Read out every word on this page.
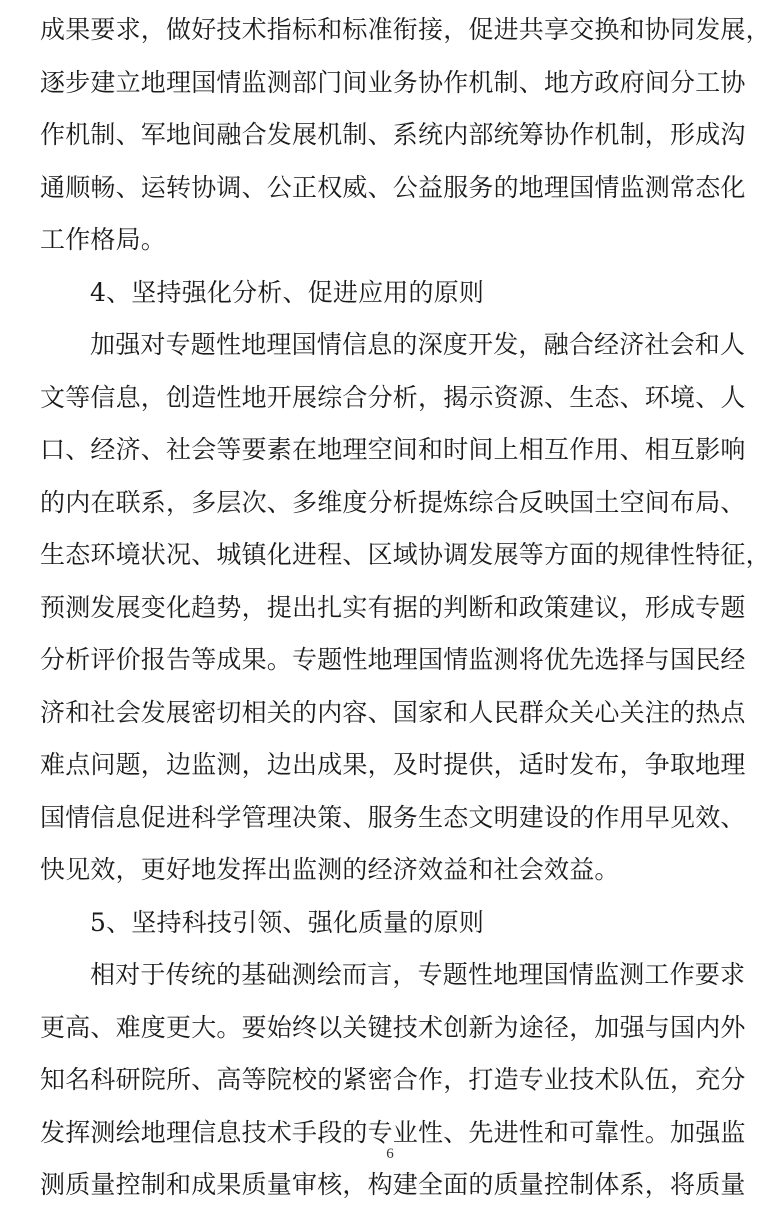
成果要求，做好技术指标和标准衔接，促进共享交换和协同发展，
逐步建立地理国情监测部门间业务协作机制、地方政府间分工协
作机制、军地间融合发展机制、系统内部统筹协作机制，形成沟
通顺畅、运转协调、公正权威、公益服务的地理国情监测常态化
工作格局。
4、坚持强化分析、促进应用的原则
加强对专题性地理国情信息的深度开发，融合经济社会和人
文等信息，创造性地开展综合分析，揭示资源、生态、环境、人
口、经济、社会等要素在地理空间和时间上相互作用、相互影响
的内在联系，多层次、多维度分析提炼综合反映国土空间布局、
生态环境状况、城镇化进程、区域协调发展等方面的规律性特征，
预测发展变化趋势，提出扎实有据的判断和政策建议，形成专题
分析评价报告等成果。专题性地理国情监测将优先选择与国民经
济和社会发展密切相关的内容、国家和人民群众关心关注的热点
难点问题，边监测，边出成果，及时提供，适时发布，争取地理
国情信息促进科学管理决策、服务生态文明建设的作用早见效、
快见效，更好地发挥出监测的经济效益和社会效益。
5、坚持科技引领、强化质量的原则
相对于传统的基础测绘而言，专题性地理国情监测工作要求
更高、难度更大。要始终以关键技术创新为途径，加强与国内外
知名科研院所、高等院校的紧密合作，打造专业技术队伍，充分
发挥测绘地理信息技术手段的专业性、先进性和可靠性。加强监
测质量控制和成果质量审核，构建全面的质量控制体系，将质量
6
